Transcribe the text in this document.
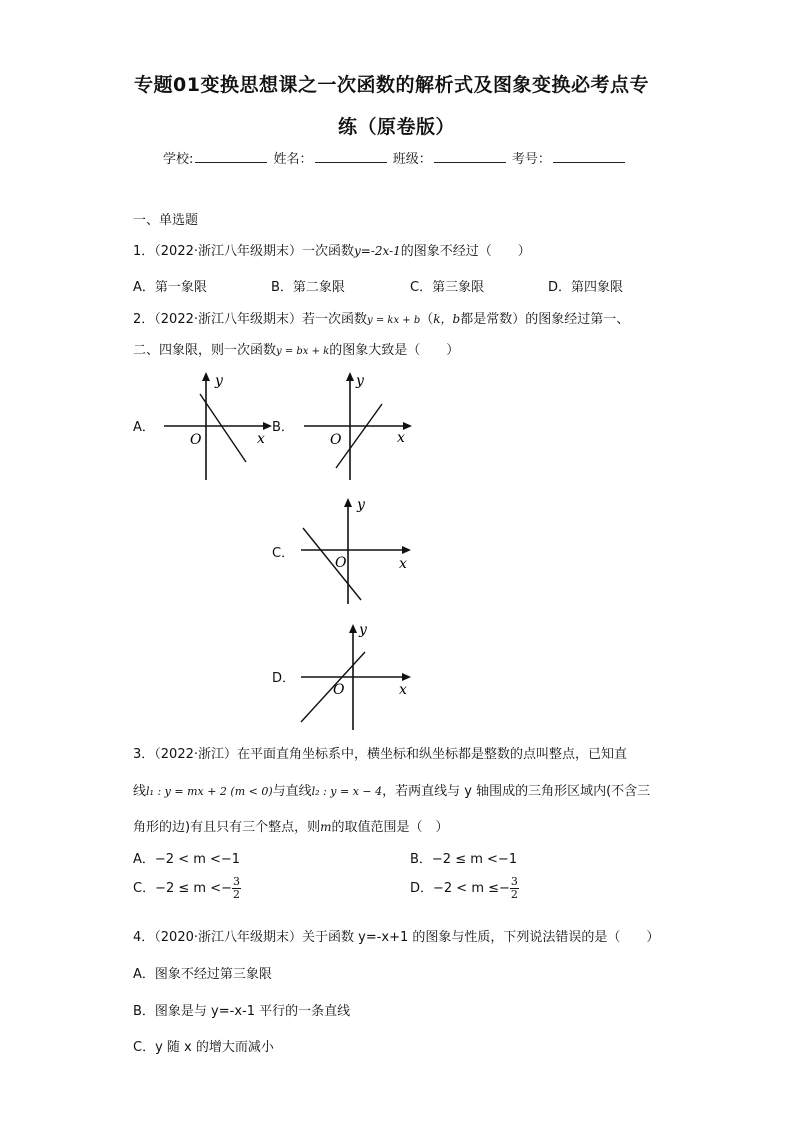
专题01变换思想课之一次函数的解析式及图象变换必考点专
练（原卷版）
学校:	姓名：	班级：	考号：
一、单选题
1．（2022·浙江八年级期末）一次函数y=-2x-1的图象不经过（　　）
A．第一象限	B．第二象限	C．第三象限	D．第四象限
2．（2022·浙江八年级期末）若一次函数y = kx + b（k，b都是常数）的图象经过第一、
二、四象限，则一次函数y = bx + k的图象大致是（　　）
A．
y
x
O
B．
y
x
O
C．
y
x
O
D．
y
x
O
3．（2022·浙江）在平面直角坐标系中，横坐标和纵坐标都是整数的点叫整点，已知直
线l₁ : y = mx + 2 (m < 0)与直线l₂ : y = x − 4，若两直线与 y 轴围成的三角形区域内(不含三
角形的边)有且只有三个整点，则m的取值范围是（　）
A．−2 < m <−1	B．−2 ≤ m <−1
C．$-2 \le m <- \frac{3}{2}$	D．$-2 < m \le- \frac{3}{2}$
4．（2020·浙江八年级期末）关于函数 y=-x+1 的图象与性质，下列说法错误的是（　　）
A．图象不经过第三象限
B．图象是与 y=-x-1 平行的一条直线
C．y 随 x 的增大而减小
